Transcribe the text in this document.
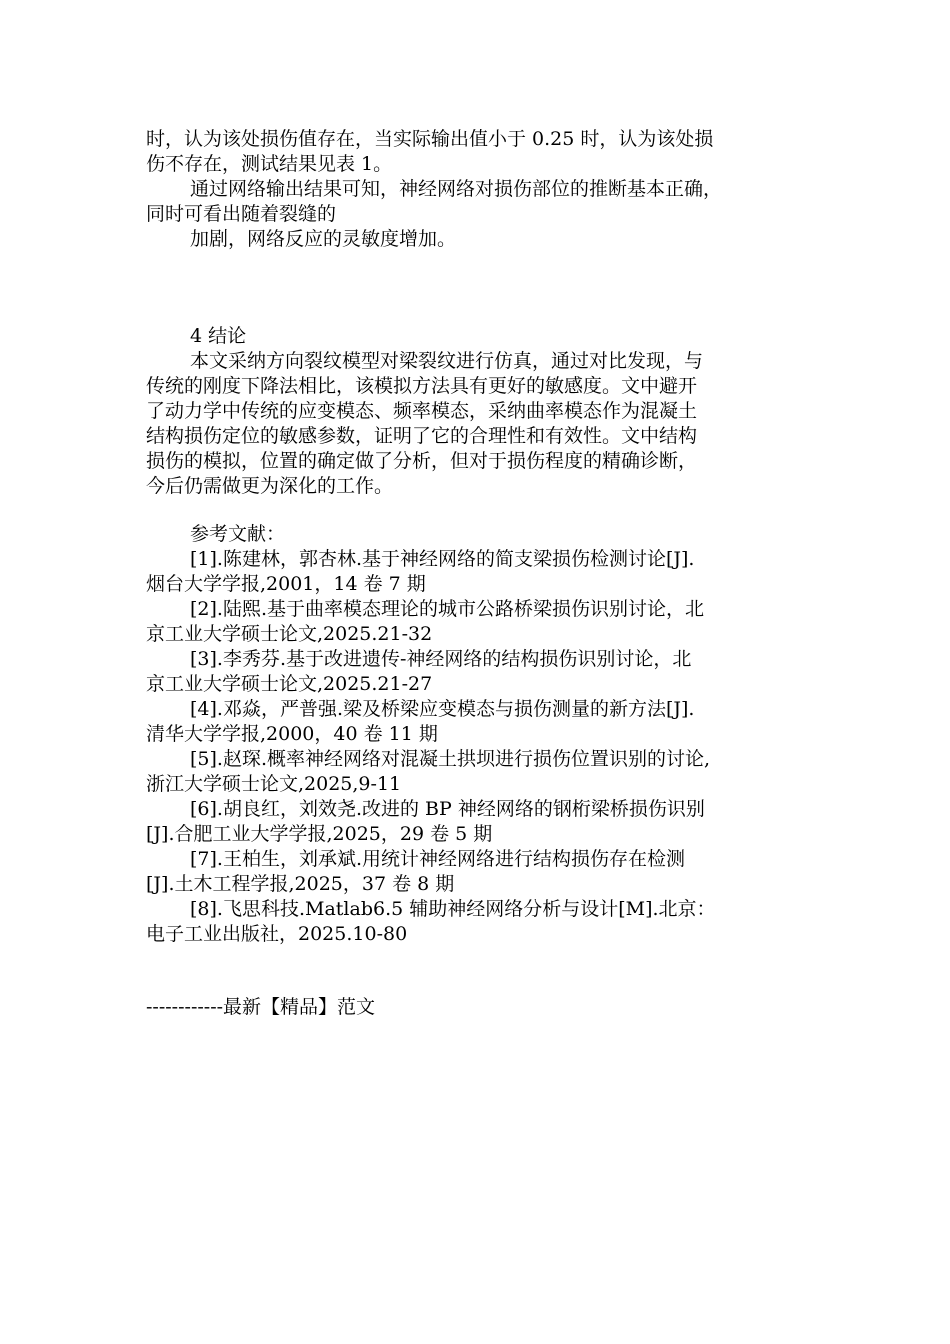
时，认为该处损伤值存在，当实际输出值小于 0.25 时，认为该处损
伤不存在，测试结果见表 1。
通过网络输出结果可知，神经网络对损伤部位的推断基本正确，
同时可看出随着裂缝的
加剧，网络反应的灵敏度增加。
4 结论
本文采纳方向裂纹模型对梁裂纹进行仿真，通过对比发现，与
传统的刚度下降法相比，该模拟方法具有更好的敏感度。文中避开
了动力学中传统的应变模态、频率模态，采纳曲率模态作为混凝土
结构损伤定位的敏感参数，证明了它的合理性和有效性。文中结构
损伤的模拟，位置的确定做了分析，但对于损伤程度的精确诊断，
今后仍需做更为深化的工作。
参考文献：
[1].陈建林，郭杏林.基于神经网络的简支梁损伤检测讨论[J].
烟台大学学报,2001，14 卷 7 期
[2].陆熙.基于曲率模态理论的城市公路桥梁损伤识别讨论，北
京工业大学硕士论文,2025.21-32
[3].李秀芬.基于改进遗传-神经网络的结构损伤识别讨论，北
京工业大学硕士论文,2025.21-27
[4].邓焱，严普强.梁及桥梁应变模态与损伤测量的新方法[J].
清华大学学报,2000，40 卷 11 期
[5].赵琛.概率神经网络对混凝土拱坝进行损伤位置识别的讨论,
浙江大学硕士论文,2025,9-11
[6].胡良红，刘效尧.改进的 BP 神经网络的钢桁梁桥损伤识别
[J].合肥工业大学学报,2025，29 卷 5 期
[7].王柏生，刘承斌.用统计神经网络进行结构损伤存在检测
[J].土木工程学报,2025，37 卷 8 期
[8].飞思科技.Matlab6.5 辅助神经网络分析与设计[M].北京：
电子工业出版社，2025.10-80
------------最新【精品】范文
